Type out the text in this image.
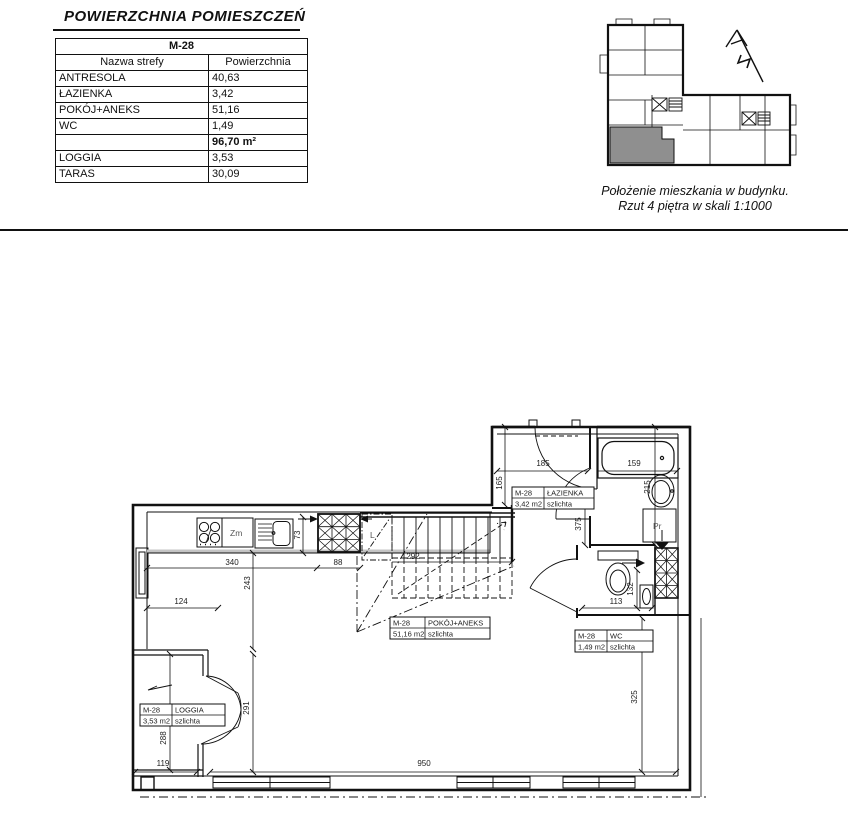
POWIERZCHNIA POMIESZCZEŃ
M-28	
Nazwa strefy	Powierzchnia
ANTRESOLA	40,63
ŁAZIENKA	3,42
POKÓJ+ANEKS	51,16
WC	1,49
	96,70 m²
LOGGIA	3,53
TARAS	30,09
Położenie mieszkania w budynku.
Rzut 4 piętra w skali 1:1000
340	88
73
243
124
292
185	159
165	215
375
113
132
291
288
119	950
325
Zm	L
Pr
M-28 ŁAZIENKA
3,42 m2 szlichta
M-28 POKÓJ+ANEKS
51,16 m2 szlichta	M-28 WC
1,49 m2 szlichta
M-28 LOGGIA
3,53 m2 szlichta
